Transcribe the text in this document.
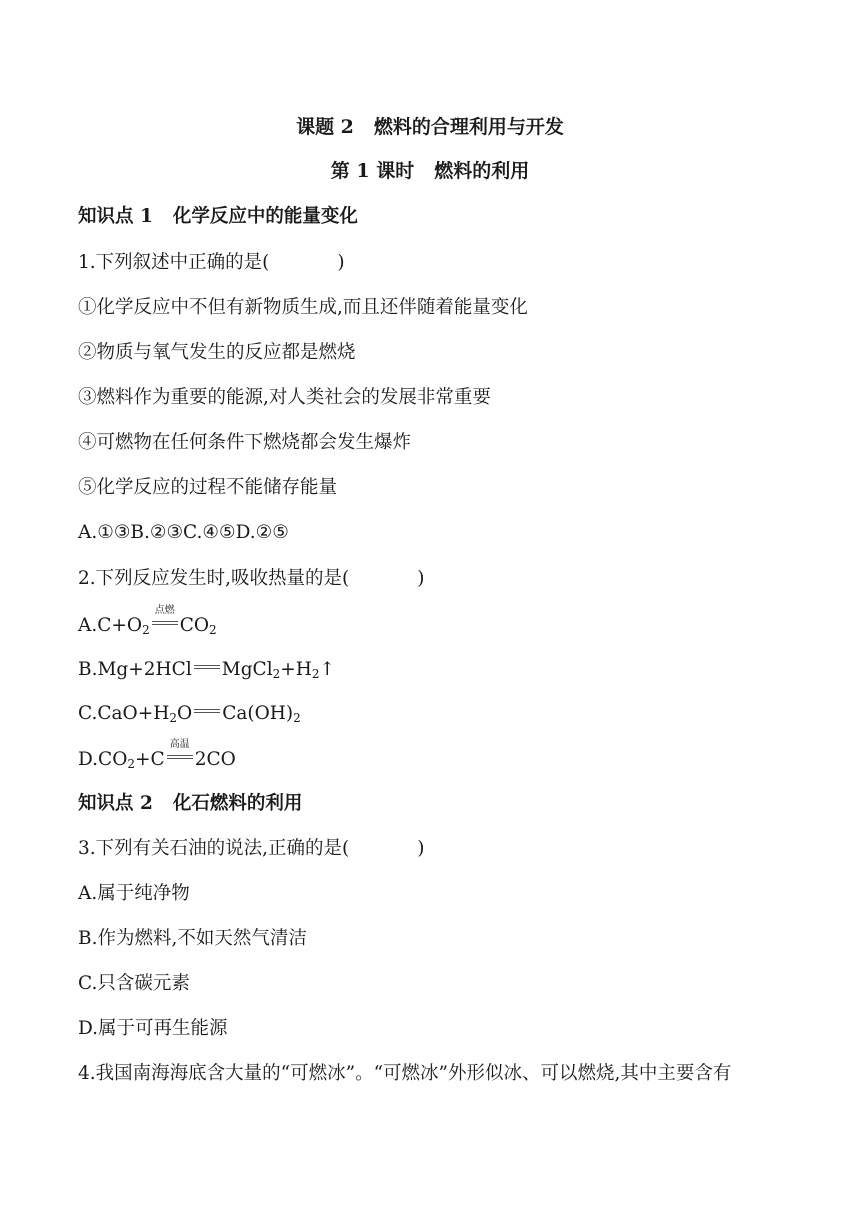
课题 2 燃料的合理利用与开发
第 1 课时 燃料的利用
知识点 1 化学反应中的能量变化
1.下列叙述中正确的是(	)
①化学反应中不但有新物质生成,而且还伴随着能量变化
②物质与氧气发生的反应都是燃烧
③燃料作为重要的能源,对人类社会的发展非常重要
④可燃物在任何条件下燃烧都会发生爆炸
⑤化学反应的过程不能储存能量
A.①③B.②③C.④⑤D.②⑤
2.下列反应发生时,吸收热量的是(	)
$A.C+O_2$
点燃
$CO_2$
B.Mg+2HCl $MgCl_2+H_2↑$
$C.CaO+H_2O$ $Ca(OH)_2$
$D.CO_2+C$
高温
2CO
知识点 2 化石燃料的利用
3.下列有关石油的说法,正确的是(	)
A.属于纯净物
B.作为燃料,不如天然气清洁
C.只含碳元素
D.属于可再生能源
4.我国南海海底含大量的“可燃冰”。“可燃冰”外形似冰、可以燃烧,其中主要含有
